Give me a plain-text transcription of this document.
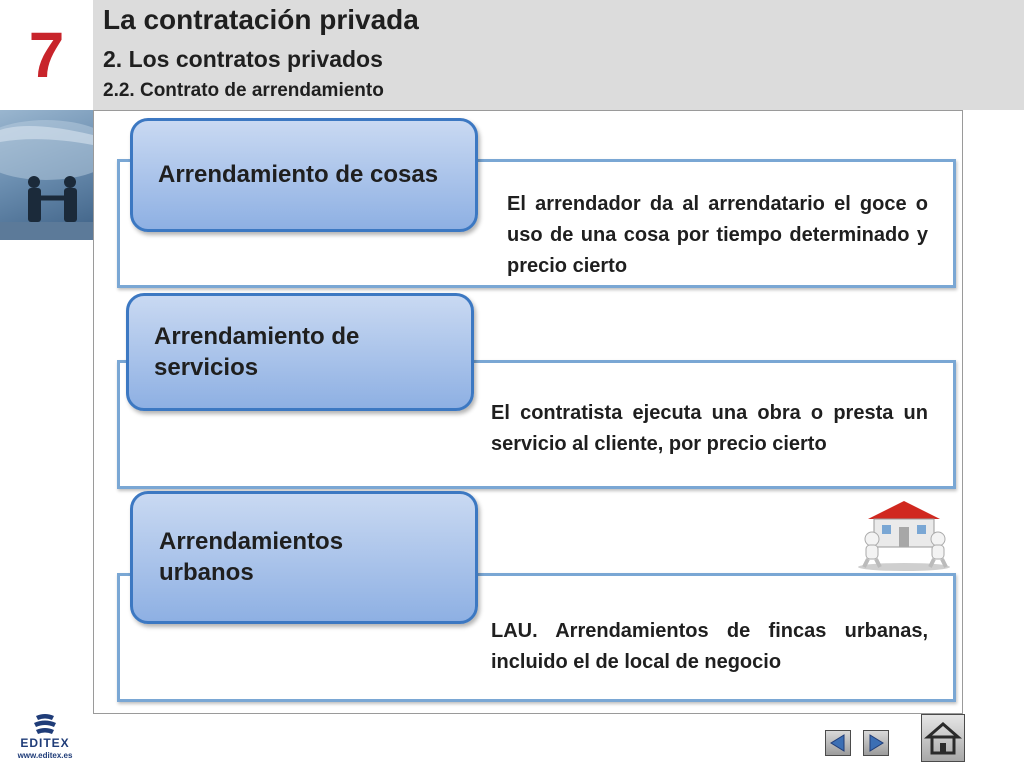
7	La contratación privada
2. Los contratos privados
2.2. Contrato de arrendamiento
Arrendamiento de cosas
El arrendador da al arrendatario el goce o uso de una cosa por tiempo determinado y precio cierto
Arrendamiento de
servicios
El contratista ejecuta una obra o presta un servicio al cliente, por precio cierto
Arrendamientos
urbanos
LAU. Arrendamientos de fincas urbanas, incluido el de local de negocio
EDITEX
www.editex.es
